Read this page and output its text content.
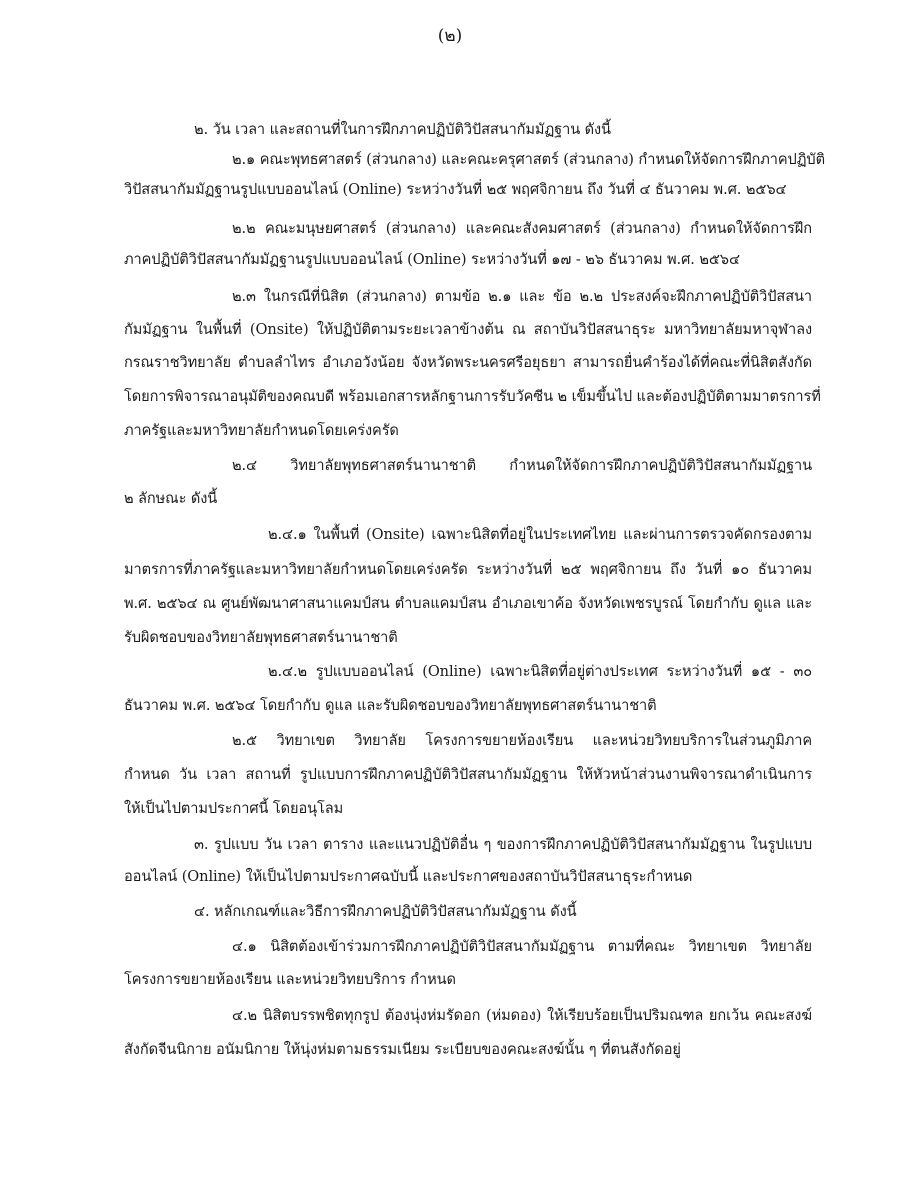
(๒)
๒. วัน เวลา และสถานที่ในการฝึกภาคปฏิบัติวิปัสสนากัมมัฏฐาน ดังนี้
๒.๑ คณะพุทธศาสตร์ (ส่วนกลาง) และคณะครุศาสตร์ (ส่วนกลาง) กำหนดให้จัดการฝึกภาคปฏิบัติ
วิปัสสนากัมมัฏฐานรูปแบบออนไลน์ (Online) ระหว่างวันที่ ๒๕ พฤศจิกายน ถึง วันที่ ๔ ธันวาคม พ.ศ. ๒๕๖๔
๒.๒ คณะมนุษยศาสตร์ (ส่วนกลาง) และคณะสังคมศาสตร์ (ส่วนกลาง) กำหนดให้จัดการฝึก
ภาคปฏิบัติวิปัสสนากัมมัฏฐานรูปแบบออนไลน์ (Online) ระหว่างวันที่ ๑๗ - ๒๖ ธันวาคม พ.ศ. ๒๕๖๔
๒.๓ ในกรณีที่นิสิต (ส่วนกลาง) ตามข้อ ๒.๑ และ ข้อ ๒.๒ ประสงค์จะฝึกภาคปฏิบัติวิปัสสนา
กัมมัฏฐาน ในพื้นที่ (Onsite) ให้ปฏิบัติตามระยะเวลาข้างต้น ณ สถาบันวิปัสสนาธุระ มหาวิทยาลัยมหาจุฬาลง
กรณราชวิทยาลัย ตำบลลำไทร อำเภอวังน้อย จังหวัดพระนครศรีอยุธยา สามารถยื่นคำร้องได้ที่คณะที่นิสิตสังกัด
โดยการพิจารณาอนุมัติของคณบดี พร้อมเอกสารหลักฐานการรับวัคซีน ๒ เข็มขึ้นไป และต้องปฏิบัติตามมาตรการที่
ภาครัฐและมหาวิทยาลัยกำหนดโดยเคร่งครัด
๒.๔ วิทยาลัยพุทธศาสตร์นานาชาติ กำหนดให้จัดการฝึกภาคปฏิบัติวิปัสสนากัมมัฏฐาน
๒ ลักษณะ ดังนี้
๒.๔.๑ ในพื้นที่ (Onsite) เฉพาะนิสิตที่อยู่ในประเทศไทย และผ่านการตรวจคัดกรองตาม
มาตรการที่ภาครัฐและมหาวิทยาลัยกำหนดโดยเคร่งครัด ระหว่างวันที่ ๒๕ พฤศจิกายน ถึง วันที่ ๑๐ ธันวาคม
พ.ศ. ๒๕๖๔ ณ ศูนย์พัฒนาศาสนาแคมป์สน ตำบลแคมป์สน อำเภอเขาค้อ จังหวัดเพชรบูรณ์ โดยกำกับ ดูแล และ
รับผิดชอบของวิทยาลัยพุทธศาสตร์นานาชาติ
๒.๔.๒ รูปแบบออนไลน์ (Online) เฉพาะนิสิตที่อยู่ต่างประเทศ ระหว่างวันที่ ๑๕ - ๓๐
ธันวาคม พ.ศ. ๒๕๖๔ โดยกำกับ ดูแล และรับผิดชอบของวิทยาลัยพุทธศาสตร์นานาชาติ
๒.๕ วิทยาเขต วิทยาลัย โครงการขยายห้องเรียน และหน่วยวิทยบริการในส่วนภูมิภาค
กำหนด วัน เวลา สถานที่ รูปแบบการฝึกภาคปฏิบัติวิปัสสนากัมมัฏฐาน ให้หัวหน้าส่วนงานพิจารณาดำเนินการ
ให้เป็นไปตามประกาศนี้ โดยอนุโลม
๓. รูปแบบ วัน เวลา ตาราง และแนวปฏิบัติอื่น ๆ ของการฝึกภาคปฏิบัติวิปัสสนากัมมัฏฐาน ในรูปแบบ
ออนไลน์ (Online) ให้เป็นไปตามประกาศฉบับนี้ และประกาศของสถาบันวิปัสสนาธุระกำหนด
๔. หลักเกณฑ์และวิธีการฝึกภาคปฏิบัติวิปัสสนากัมมัฏฐาน ดังนี้
๔.๑ นิสิตต้องเข้าร่วมการฝึกภาคปฏิบัติวิปัสสนากัมมัฏฐาน ตามที่คณะ วิทยาเขต วิทยาลัย
โครงการขยายห้องเรียน และหน่วยวิทยบริการ กำหนด
๔.๒ นิสิตบรรพชิตทุกรูป ต้องนุ่งห่มรัดอก (ห่มดอง) ให้เรียบร้อยเป็นปริมณฑล ยกเว้น คณะสงฆ์
สังกัดจีนนิกาย อนัมนิกาย ให้นุ่งห่มตามธรรมเนียม ระเบียบของคณะสงฆ์นั้น ๆ ที่ตนสังกัดอยู่
